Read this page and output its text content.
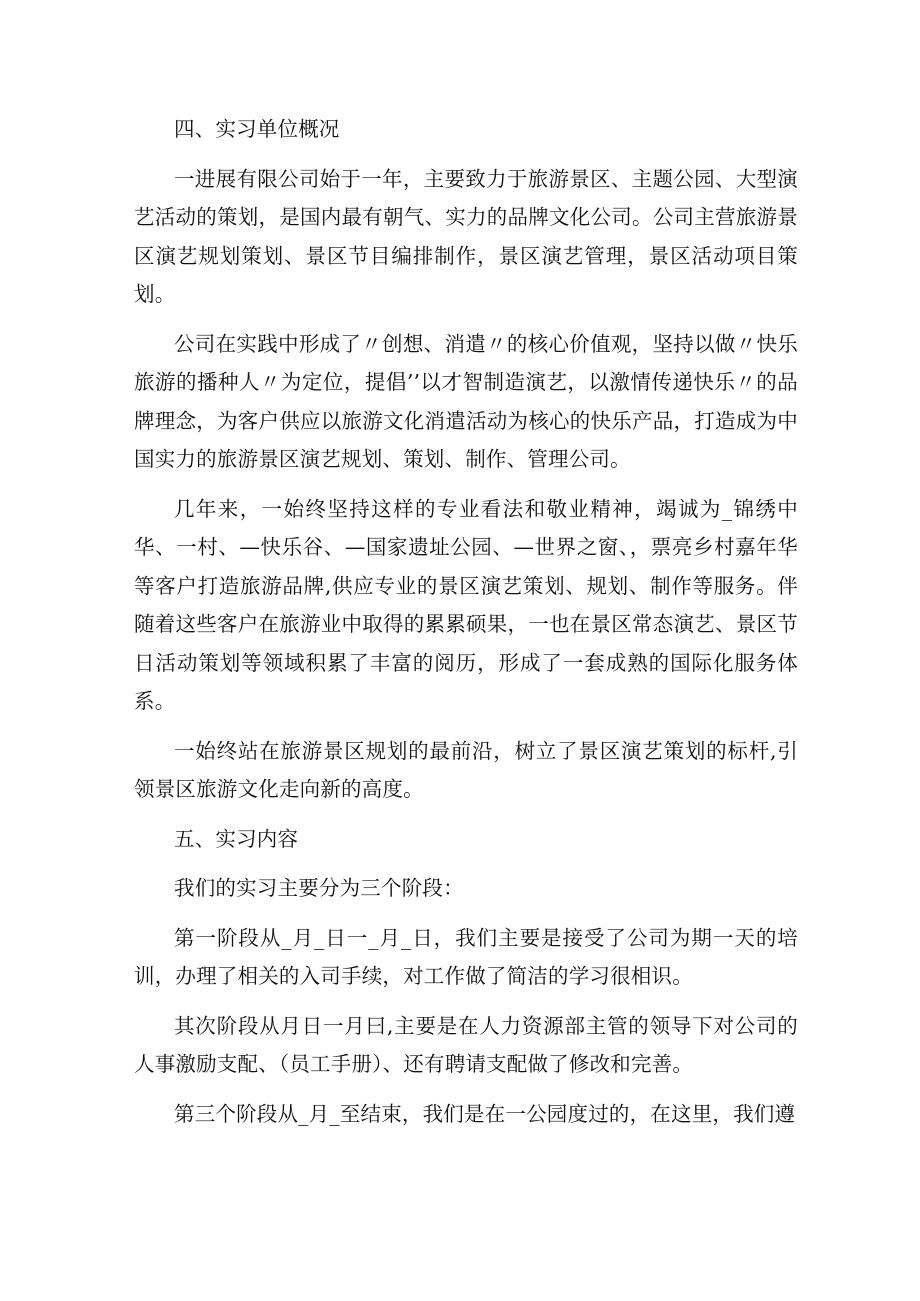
四、实习单位概况

一进展有限公司始于一年，主要致力于旅游景区、主题公园、大型演艺活动的策划，是国内最有朝气、实力的品牌文化公司。公司主营旅游景区演艺规划策划、景区节目编排制作，景区演艺管理，景区活动项目策划。

公司在实践中形成了〃创想、消遣〃的核心价值观，坚持以做〃快乐旅游的播种人〃为定位，提倡’’以才智制造演艺，以激情传递快乐〃的品牌理念，为客户供应以旅游文化消遣活动为核心的快乐产品，打造成为中国实力的旅游景区演艺规划、策划、制作、管理公司。

几年来，一始终坚持这样的专业看法和敬业精神，竭诚为_锦绣中华、一村、—快乐谷、—国家遗址公园、—世界之窗、，票亮乡村嘉年华等客户打造旅游品牌,供应专业的景区演艺策划、规划、制作等服务。伴随着这些客户在旅游业中取得的累累硕果，一也在景区常态演艺、景区节日活动策划等领域积累了丰富的阅历，形成了一套成熟的国际化服务体系。

一始终站在旅游景区规划的最前沿，树立了景区演艺策划的标杆,引领景区旅游文化走向新的高度。

五、实习内容

我们的实习主要分为三个阶段：

第一阶段从_月_日一_月_日，我们主要是接受了公司为期一天的培训，办理了相关的入司手续，对工作做了简洁的学习很相识。

其次阶段从月日一月曰,主要是在人力资源部主管的领导下对公司的人事激励支配、（员工手册）、还有聘请支配做了修改和完善。

第三个阶段从_月_至结束，我们是在一公园度过的，在这里，我们遵
